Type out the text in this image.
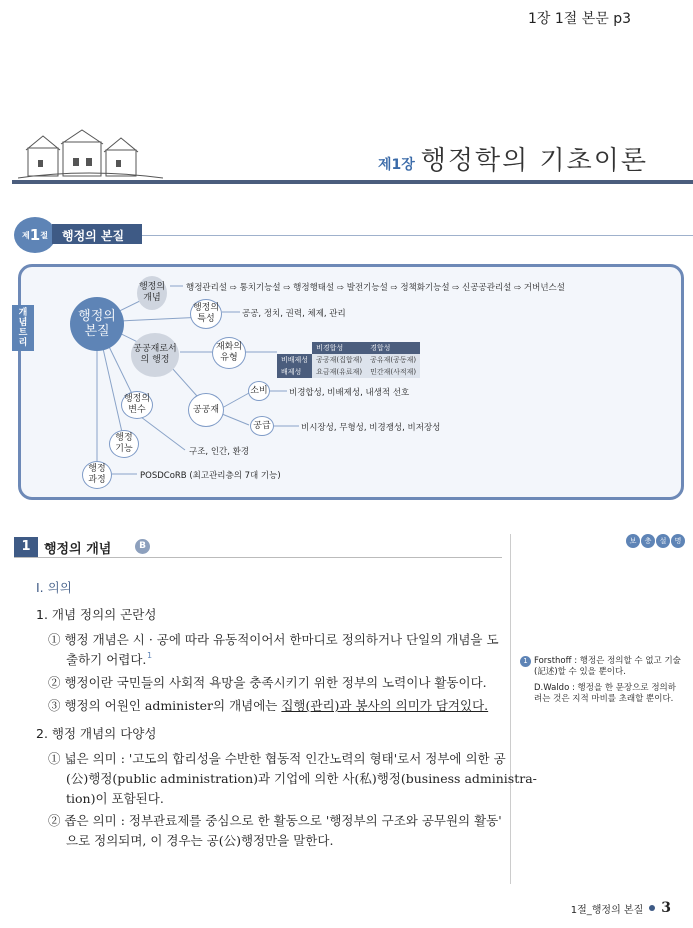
1장 1절 본문 p3
제1장 행정학의 기초이론
제 1 절	행정의 본질
개
념
트
리
행정의 본질
행정의 개념
행정의 특성
공공재로서의 행정
재화의 유형
행정의 변수	공공재
행정 기능
행정 과정
소비
공급
행정관리설 ⇨ 통치기능설 ⇨ 행정행태설 ⇨ 발전기능설 ⇨ 정책화기능설 ⇨ 신공공관리설 ⇨ 거버넌스설
공공, 정치, 권력, 체제, 관리
비경합성, 비배제성, 내생적 선호
비시장성, 무형성, 비경쟁성, 비저장성
구조, 인간, 환경
POSDCoRB (최고관리층의 7대 기능)
	비경합성	경합성
비배제성	공공재(집합재)	공유재(공동재)
배제성	요금재(유료재)	민간재(사적재)
1	행정의 개념	B	보	충	설	명
Ⅰ. 의의
1. 개념 정의의 곤란성
① 행정 개념은 시 · 공에 따라 유동적이어서 한마디로 정의하거나 단일의 개념을 도
출하기 어렵다. 1
② 행정이란 국민들의 사회적 욕망을 충족시키기 위한 정부의 노력이나 활동이다.
③ 행정의 어원인 administer의 개념에는 집행(관리)과 봉사의 의미가 담겨있다.
2. 행정 개념의 다양성
① 넓은 의미 : '고도의 합리성을 수반한 협동적 인간노력의 형태'로서 정부에 의한 공
(公)행정(public administration)과 기업에 의한 사(私)행정(business administra-
tion)이 포함된다.
② 좁은 의미 : 정부관료제를 중심으로 한 활동으로 '행정부의 구조와 공무원의 활동'
으로 정의되며, 이 경우는 공(公)행정만을 말한다.
1 Forsthoff : 행정은 정의할 수 없고 기술(記述)할 수 있을 뿐이다.
D.Waldo : 행정을 한 문장으로 정의하려는 것은 지적 마비를 초래할 뿐이다.
1절_행정의 본질 3
